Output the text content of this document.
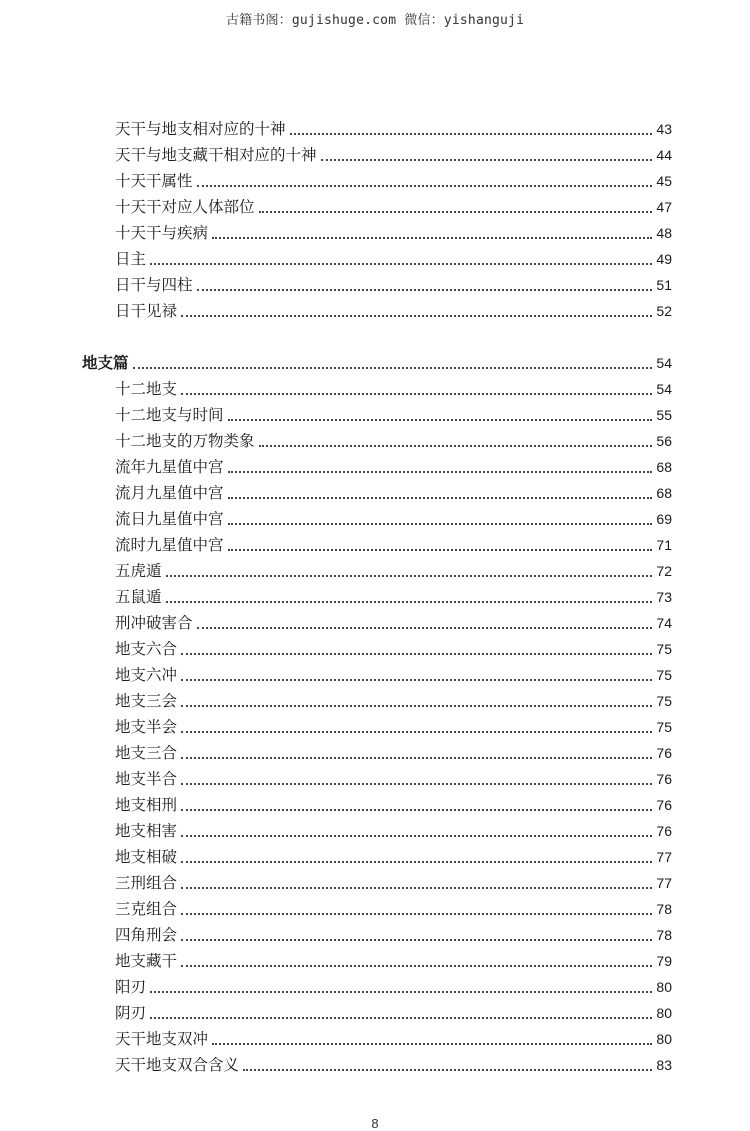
古籍书阁：gujishuge.com 微信：yishanguji
天干与地支相对应的十神	43
天干与地支藏干相对应的十神	44
十天干属性	45
十天干对应人体部位	47
十天干与疾病	48
日主	49
日干与四柱	51
日干见禄	52
地支篇	54
十二地支	54
十二地支与时间	55
十二地支的万物类象	56
流年九星值中宫	68
流月九星值中宫	68
流日九星值中宫	69
流时九星值中宫	71
五虎遁	72
五鼠遁	73
刑冲破害合	74
地支六合	75
地支六冲	75
地支三会	75
地支半会	75
地支三合	76
地支半合	76
地支相刑	76
地支相害	76
地支相破	77
三刑组合	77
三克组合	78
四角刑会	78
地支藏干	79
阳刃	80
阴刃	80
天干地支双冲	80
天干地支双合含义	83
8
